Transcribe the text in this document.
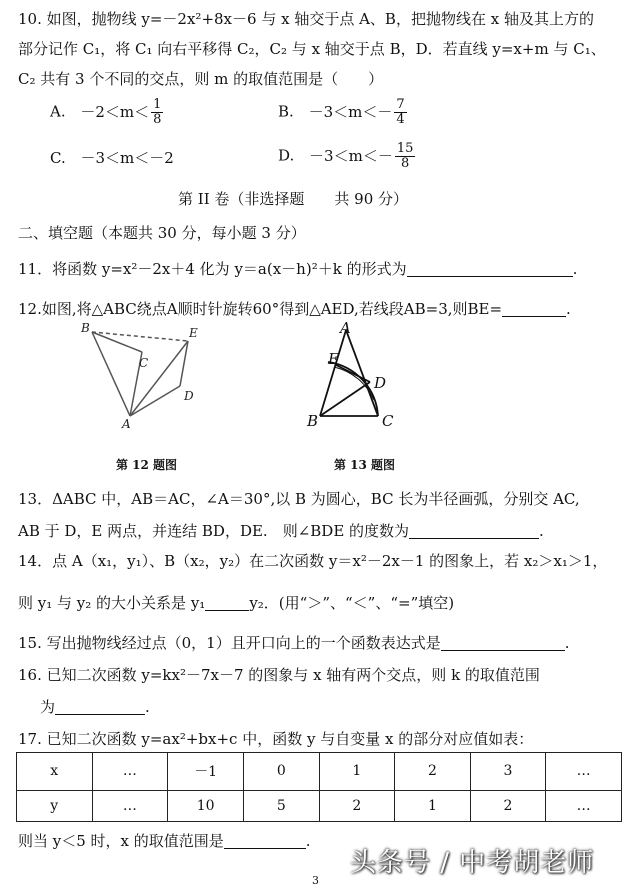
10. 如图，抛物线 y=－2x²+8x－6 与 x 轴交于点 A、B，把抛物线在 x 轴及其上方的
部分记作 C₁，将 C₁ 向右平移得 C₂，C₂ 与 x 轴交于点 B，D．若直线 y=x+m 与 C₁、
C₂ 共有 3 个不同的交点，则 m 的取值范围是（　　）
A. $-2<m< \frac{1}{8}$	B. $-3<m<- \frac{7}{4}$
C. －3＜m＜－2	D. $-3<m<- \frac{15}{8}$
第 II 卷（非选择题　　共 90 分）
二、填空题（本题共 30 分，每小题 3 分）
11．将函数 y=x²－2x＋4 化为 y＝a(x－h)²＋k 的形式为	.
12.如图,将△ABC绕点A顺时针旋转60°得到△AED,若线段AB=3,则BE=	.
B	E
C
D
A
第 12 题图
A
E
D
B	C
第 13 题图
13．ΔABC 中，AB＝AC，∠A＝30°,以 B 为圆心，BC 长为半径画弧，分别交 AC,
AB 于 D，E 两点，并连结 BD，DE.　则∠BDE 的度数为	.
14．点 A（x₁，y₁）、B（x₂，y₂）在二次函数 y＝x²－2x－1 的图象上，若 x₂＞x₁＞1，
则 y₁ 与 y₂ 的大小关系是 y₁	y₂．(用“＞”、“＜”、“=”填空)
15. 写出抛物线经过点（0，1）且开口向上的一个函数表达式是	.
16. 已知二次函数 y=kx²－7x－7 的图象与 x 轴有两个交点，则 k 的取值范围
为	.
17. 已知二次函数 y=ax²+bx+c 中，函数 y 与自变量 x 的部分对应值如表：
x	…	－1	0	1	2	3	…
y	…	10	5	2	1	2	…
则当 y＜5 时，x 的取值范围是	.
头条号 / 中考胡老师
3
